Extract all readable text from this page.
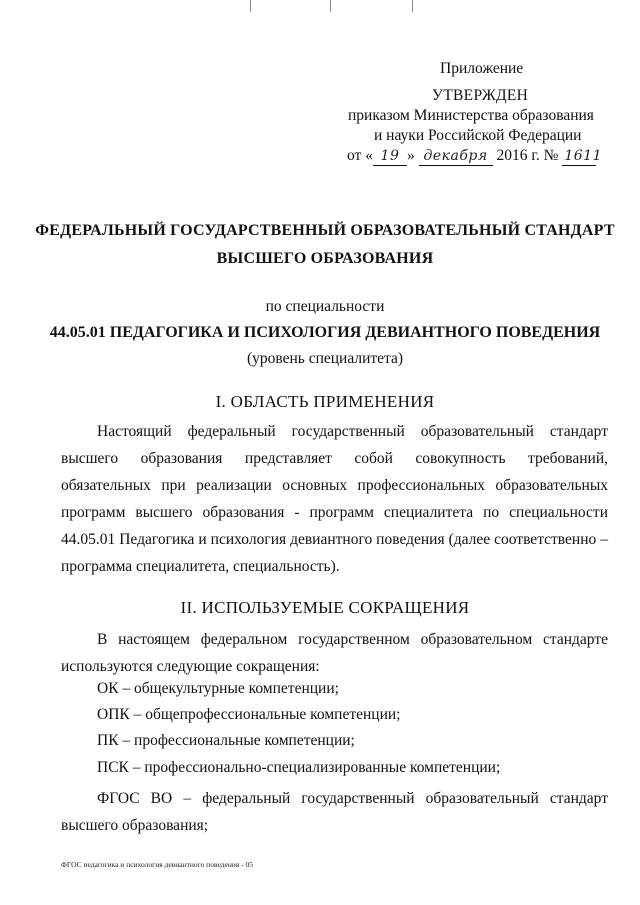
Приложение
УТВЕРЖДЕН
приказом Министерства образования
и науки Российской Федерации
от « 19 » декабря 2016 г. № 1611
ФЕДЕРАЛЬНЫЙ ГОСУДАРСТВЕННЫЙ ОБРАЗОВАТЕЛЬНЫЙ СТАНДАРТ
ВЫСШЕГО ОБРАЗОВАНИЯ
по специальности
44.05.01 ПЕДАГОГИКА И ПСИХОЛОГИЯ ДЕВИАНТНОГО ПОВЕДЕНИЯ
(уровень специалитета)
I. ОБЛАСТЬ ПРИМЕНЕНИЯ
Настоящий федеральный государственный образовательный стандарт высшего образования представляет собой совокупность требований, обязательных при реализации основных профессиональных образовательных программ высшего образования - программ специалитета по специальности 44.05.01 Педагогика и психология девиантного поведения (далее соответственно – программа специалитета, специальность).
II. ИСПОЛЬЗУЕМЫЕ СОКРАЩЕНИЯ
В настоящем федеральном государственном образовательном стандарте используются следующие сокращения:
ОК – общекультурные компетенции;
ОПК – общепрофессиональные компетенции;
ПК – профессиональные компетенции;
ПСК – профессионально-специализированные компетенции;
ФГОС ВО – федеральный государственный образовательный стандарт высшего образования;
ФГОС педагогика и психология девиантного поведения - 05
